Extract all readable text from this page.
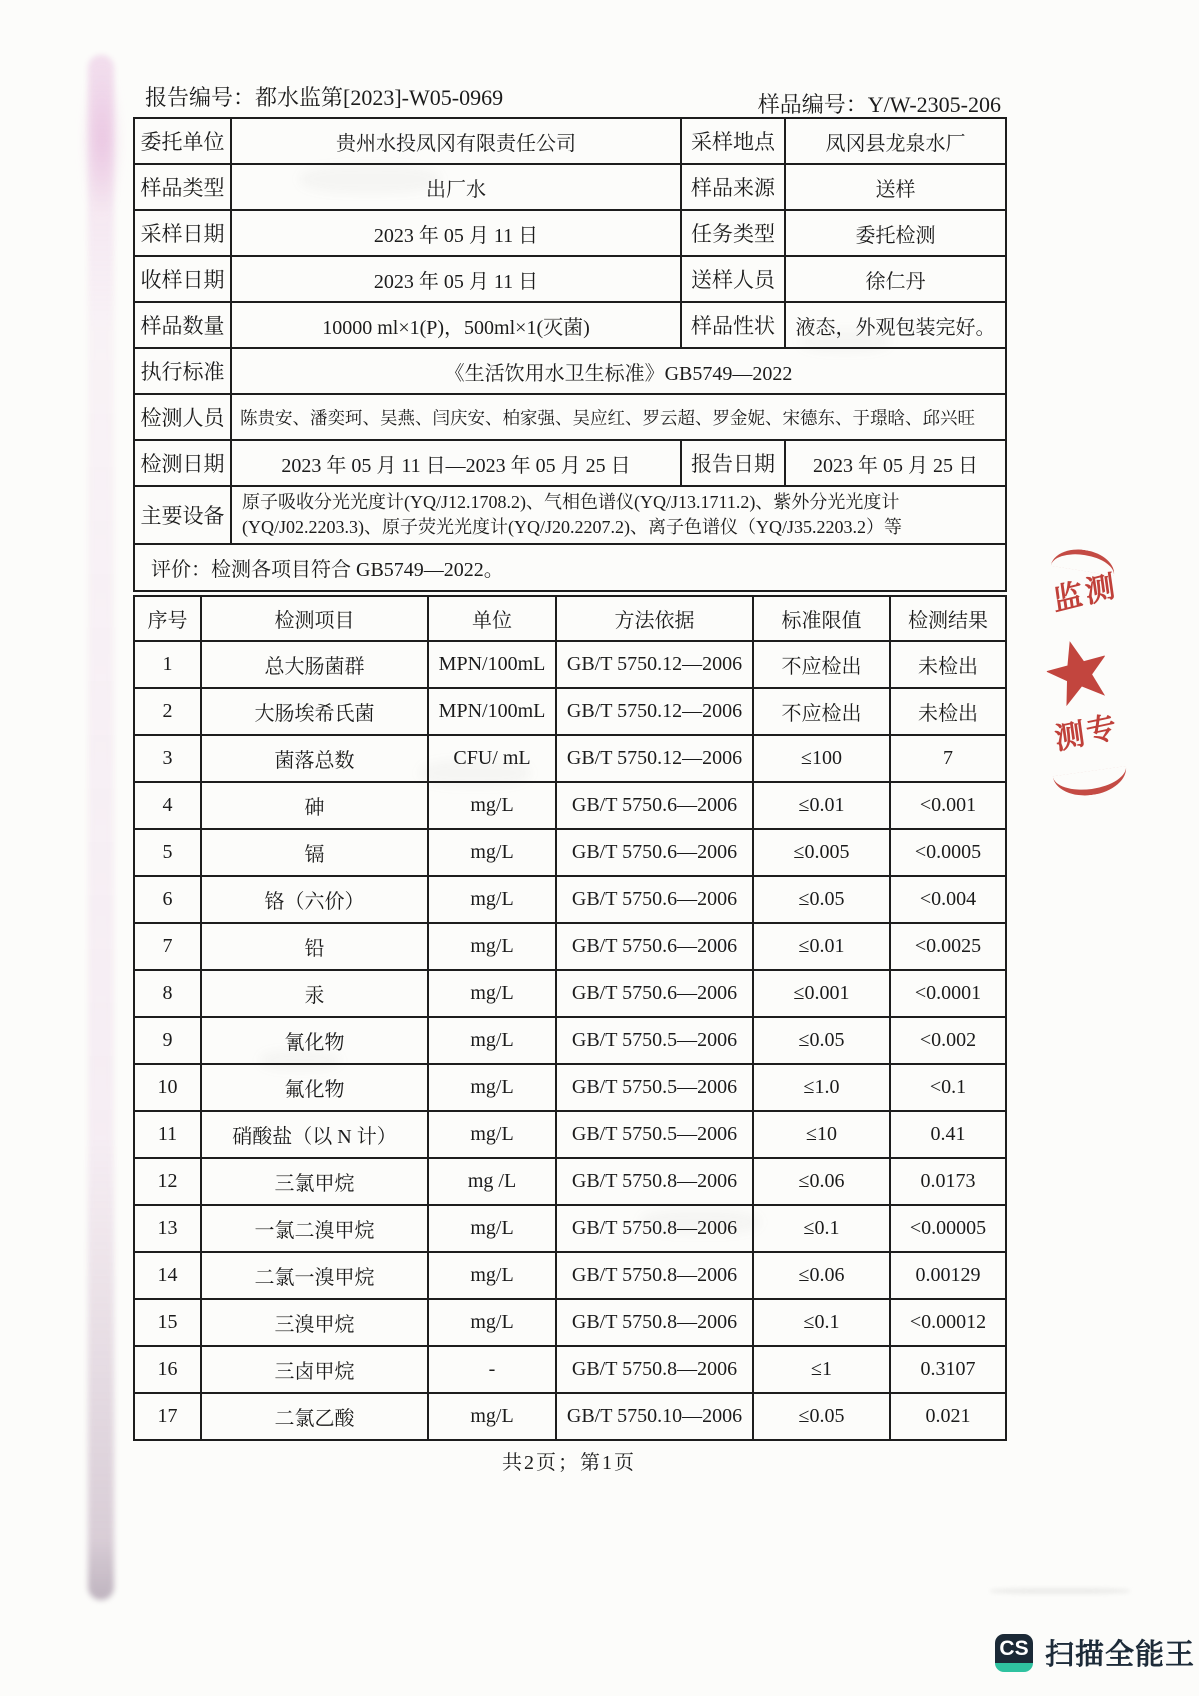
报告编号：都水监第[2023]-W05-0969	样品编号：Y/W-2305-206
委托单位	贵州水投凤冈有限责任公司	采样地点	凤冈县龙泉水厂
样品类型	出厂水	样品来源	送样
采样日期	2023 年 05 月 11 日	任务类型	委托检测
收样日期	2023 年 05 月 11 日	送样人员	徐仁丹
样品数量	10000 ml×1(P)，500ml×1(灭菌)	样品性状	液态，外观包装完好。
执行标准	《生活饮用水卫生标准》GB5749—2022		
检测人员	陈贵安、潘奕珂、吴燕、闫庆安、柏家强、吴应红、罗云超、罗金妮、宋德东、于璟晗、邱兴旺		
检测日期	2023 年 05 月 11 日—2023 年 05 月 25 日	报告日期	2023 年 05 月 25 日
主要设备	原子吸收分光光度计(YQ/J12.1708.2)、气相色谱仪(YQ/J13.1711.2)、紫外分光光度计
(YQ/J02.2203.3)、原子荧光光度计(YQ/J20.2207.2)、离子色谱仪（YQ/J35.2203.2）等		

评价：检测各项目符合 GB5749—2022。			
序号	检测项目	单位	方法依据	标准限值	检测结果
1	总大肠菌群	MPN/100mL	GB/T 5750.12—2006	不应检出	未检出
2	大肠埃希氏菌	MPN/100mL	GB/T 5750.12—2006	不应检出	未检出
3	菌落总数	CFU/ mL	GB/T 5750.12—2006	≤100	7
4	砷	mg/L	GB/T 5750.6—2006	≤0.01	<0.001
5	镉	mg/L	GB/T 5750.6—2006	≤0.005	<0.0005
6	铬（六价）	mg/L	GB/T 5750.6—2006	≤0.05	<0.004
7	铅	mg/L	GB/T 5750.6—2006	≤0.01	<0.0025
8	汞	mg/L	GB/T 5750.6—2006	≤0.001	<0.0001
9	氰化物	mg/L	GB/T 5750.5—2006	≤0.05	<0.002
10	氟化物	mg/L	GB/T 5750.5—2006	≤1.0	<0.1
11	硝酸盐（以 N 计）	mg/L	GB/T 5750.5—2006	≤10	0.41
12	三氯甲烷	mg /L	GB/T 5750.8—2006	≤0.06	0.0173
13	一氯二溴甲烷	mg/L	GB/T 5750.8—2006	≤0.1	<0.00005
14	二氯一溴甲烷	mg/L	GB/T 5750.8—2006	≤0.06	0.00129
15	三溴甲烷	mg/L	GB/T 5750.8—2006	≤0.1	<0.00012
16	三卤甲烷	-	GB/T 5750.8—2006	≤1	0.3107
17	二氯乙酸	mg/L	GB/T 5750.10—2006	≤0.05	0.021
共2页；第1页
监测
测专
CS 扫描全能王
